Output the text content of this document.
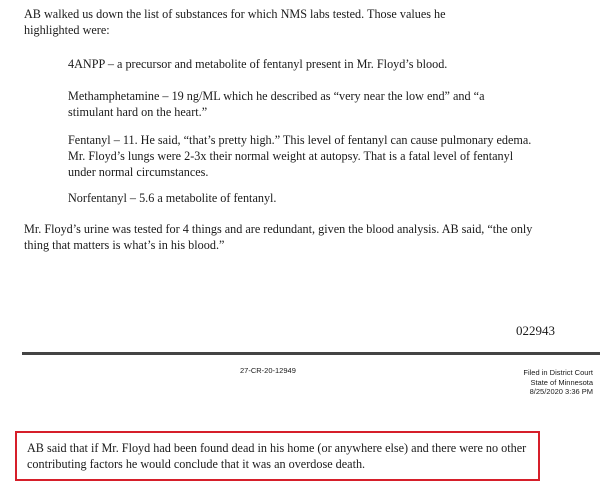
AB walked us down the list of substances for which NMS labs tested. Those values he highlighted were:

4ANPP – a precursor and metabolite of fentanyl present in Mr. Floyd’s blood.

Methamphetamine – 19 ng/ML which he described as “very near the low end” and “a stimulant hard on the heart.”

Fentanyl – 11. He said, “that’s pretty high.” This level of fentanyl can cause pulmonary edema. Mr. Floyd’s lungs were 2-3x their normal weight at autopsy. That is a fatal level of fentanyl under normal circumstances.

Norfentanyl – 5.6 a metabolite of fentanyl.

Mr. Floyd’s urine was tested for 4 things and are redundant, given the blood analysis. AB said, “the only thing that matters is what’s in his blood.”

022943
27-CR-20-12949	Filed in District Court
State of Minnesota
8/25/2020 3:36 PM
AB said that if Mr. Floyd had been found dead in his home (or anywhere else) and there were no other contributing factors he would conclude that it was an overdose death.
